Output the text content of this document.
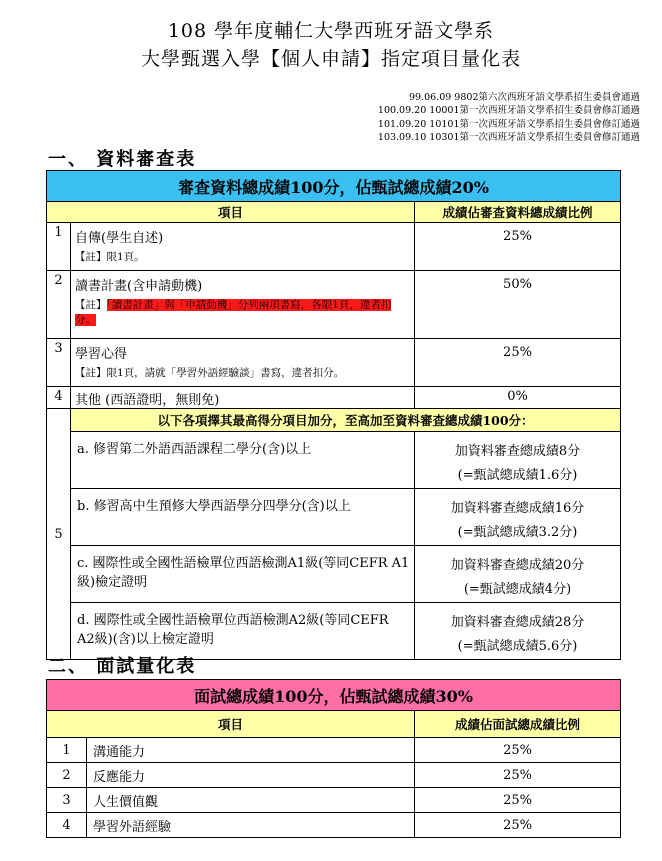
108 學年度輔仁大學西班牙語文學系
大學甄選入學【個人申請】指定項目量化表
99.06.09 9802第六次西班牙語文學系招生委員會通過
100.09.20 10001第一次西班牙語文學系招生委員會修訂通過
101.09.20 10101第一次西班牙語文學系招生委員會修訂通過
103.09.10 10301第一次西班牙語文學系招生委員會修訂通過
一、 資料審查表
審查資料總成績100分，佔甄試總成績20%		
項目		成績佔審查資料總成績比例
1	自傳(學生自述)
【註】限1頁。	25%
2	讀書計畫(含申請動機)
【註】「讀書計畫」與「申請動機」分列兩項書寫，各限1頁，違者扣分。	50%
3	學習心得
【註】限1頁，請就「學習外語經驗談」書寫，違者扣分。	25%
4	其他 (西語證明，無則免)	0%
5	以下各項擇其最高得分項目加分，至高加至資料審查總成績100分：	
	a. 修習第二外語西語課程二學分(含)以上	加資料審查總成績8分
(=甄試總成績1.6分)

	b. 修習高中生預修大學西語學分四學分(含)以上	加資料審查總成績16分
(=甄試總成績3.2分)

	c. 國際性或全國性語檢單位西語檢測A1級(等同CEFR A1級)檢定證明	加資料審查總成績20分
(=甄試總成績4分)

	d. 國際性或全國性語檢單位西語檢測A2級(等同CEFR A2級)(含)以上檢定證明	加資料審查總成績28分
(=甄試總成績5.6分)
二、 面試量化表
面試總成績100分，佔甄試總成績30%		
項目		成績佔面試總成績比例
1	溝通能力	25%
2	反應能力	25%
3	人生價值觀	25%
4	學習外語經驗	25%
